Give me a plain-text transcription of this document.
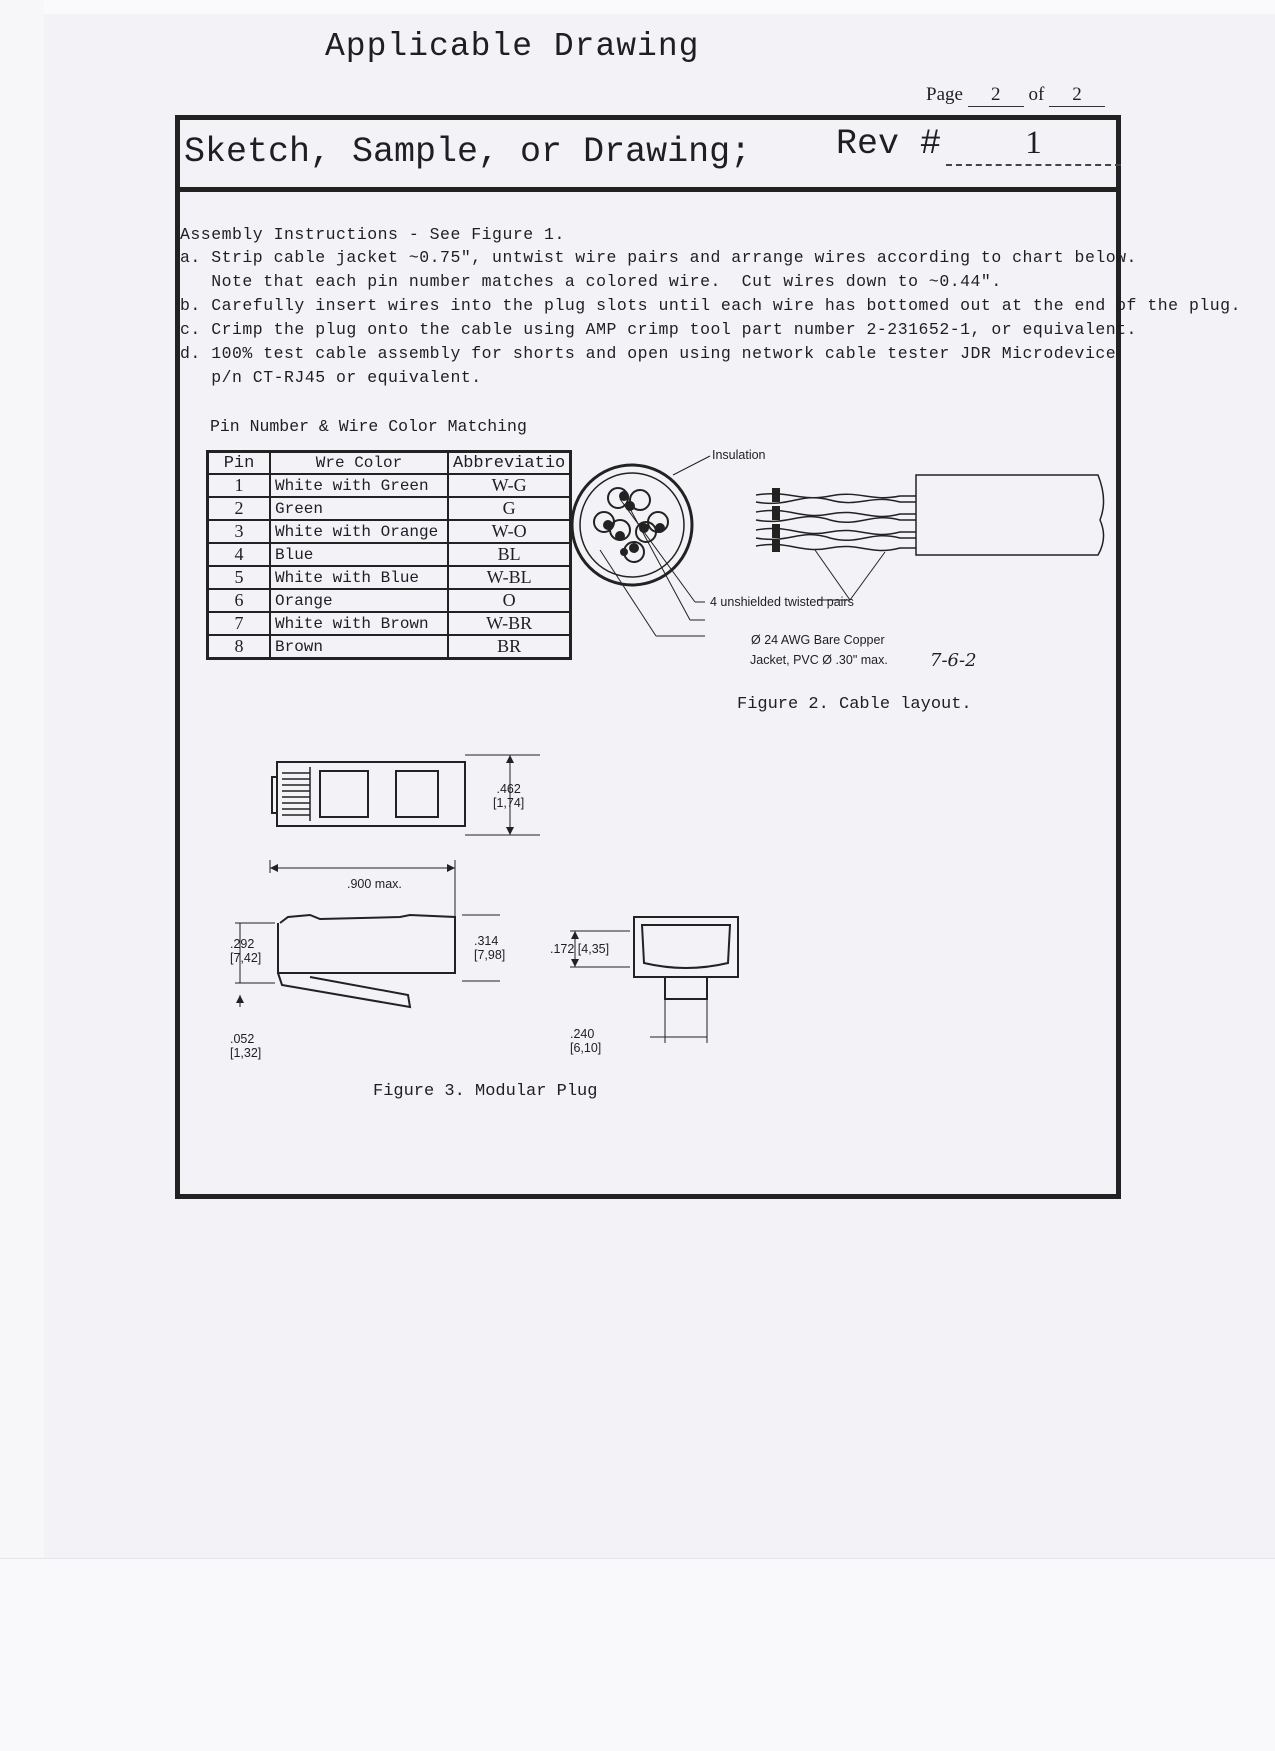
Applicable Drawing
Page 2 of 2
Sketch, Sample, or Drawing; Rev #	1
Assembly Instructions - See Figure 1.
a. Strip cable jacket ~0.75", untwist wire pairs and arrange wires according to chart below.
Note that each pin number matches a colored wire.  Cut wires down to ~0.44".
b. Carefully insert wires into the plug slots until each wire has bottomed out at the end of the plug.
c. Crimp the plug onto the cable using AMP crimp tool part number 2-231652-1, or equivalent.
d. 100% test cable assembly for shorts and open using network cable tester JDR Microdevice
p/n CT-RJ45 or equivalent.
Pin Number & Wire Color Matching
Pin	Wre Color	Abbreviatio
1	White with Green	W-G
2	Green	G
3	White with Orange	W-O
4	Blue	BL
5	White with Blue	W-BL
6	Orange	O
7	White with Brown	W-BR
8	Brown	BR
Insulation
4 unshielded twisted pairs
Ø 24 AWG Bare Copper
Jacket, PVC Ø .30" max. 7-6-2
Figure 2. Cable layout.
.462
[1,74]
.900 max.
.292
[7,42]
.314
[7,98]
.052
[1,32]
.172 [4,35]
.240
[6,10]
Figure 3. Modular Plug
